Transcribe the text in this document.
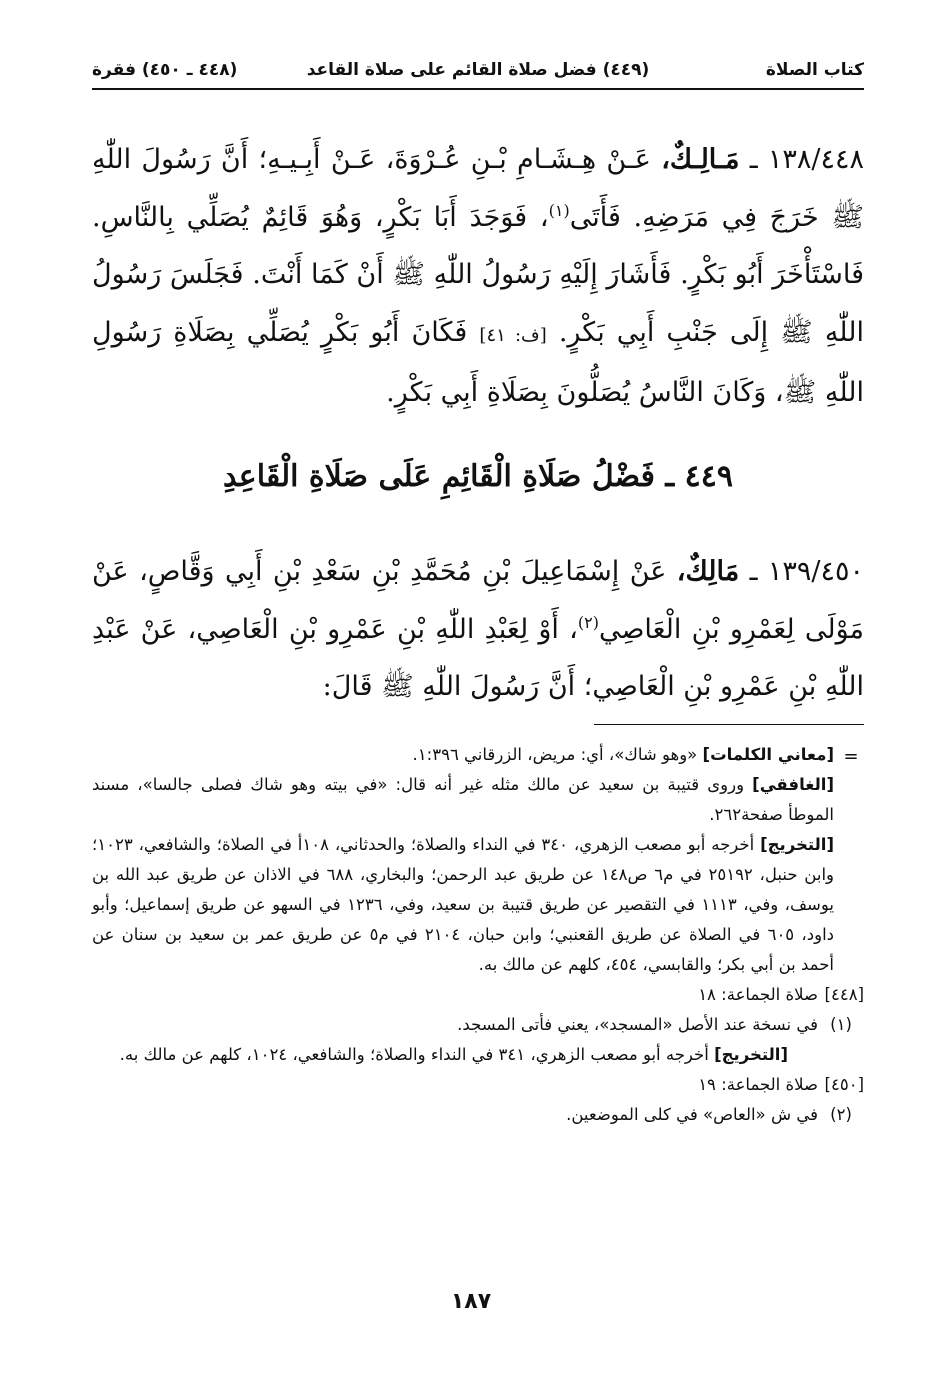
كتاب الصلاة
(٤٤٩) فضل صلاة القائم على صلاة القاعد
(٤٤٨ ـ ٤٥٠) فقرة
١٣٨/٤٤٨ ـ مَـالِـكٌ، عَـنْ هِـشَـامِ بْـنِ عُـرْوَةَ، عَـنْ أَبِـيـهِ؛ أَنَّ رَسُولَ اللّٰهِ ﷺ خَرَجَ فِي مَرَضِهِ. فَأَتَى$^{(١)}$، فَوَجَدَ أَبَا بَكْرٍ، وَهُوَ قَائِمٌ يُصَلِّي بِالنَّاسِ. فَاسْتَأْخَرَ أَبُو بَكْرٍ. فَأَشَارَ إِلَيْهِ رَسُولُ اللّٰهِ ﷺ أَنْ كَمَا أَنْتَ. فَجَلَسَ رَسُولُ اللّٰهِ ﷺ إِلَى جَنْبِ أَبِي بَكْرٍ. [ف: ٤١] فَكَانَ أَبُو بَكْرٍ يُصَلِّي بِصَلَاةِ رَسُولِ اللّٰهِ ﷺ، وَكَانَ النَّاسُ يُصَلُّونَ بِصَلَاةِ أَبِي بَكْرٍ.
٤٤٩ ـ فَضْلُ صَلَاةِ الْقَائِمِ عَلَى صَلَاةِ الْقَاعِدِ
١٣٩/٤٥٠ ـ مَالِكٌ، عَنْ إِسْمَاعِيلَ بْنِ مُحَمَّدِ بْنِ سَعْدِ بْنِ أَبِي وَقَّاصٍ، عَنْ مَوْلَى لِعَمْرِو بْنِ الْعَاصِي$^{(٢)}$، أَوْ لِعَبْدِ اللّٰهِ بْنِ عَمْرِو بْنِ الْعَاصِي، عَنْ عَبْدِ اللّٰهِ بْنِ عَمْرِو بْنِ الْعَاصِي؛ أَنَّ رَسُولَ اللّٰهِ ﷺ قَالَ:
=

[معاني الكلمات] «وهو شاك»، أي: مريض، الزرقاني ١:٣٩٦.

[الغافقي] وروى قتيبة بن سعيد عن مالك مثله غير أنه قال: «في بيته وهو شاك فصلى جالسا»، مسند الموطأ صفحة٢٦٢.

[التخريج] أخرجه أبو مصعب الزهري، ٣٤٠ في النداء والصلاة؛ والحدثاني، ١٠٨أ في الصلاة؛ والشافعي، ١٠٢٣؛ وابن حنبل، ٢٥١٩٢ في م٦ ص١٤٨ عن طريق عبد الرحمن؛ والبخاري، ٦٨٨ في الاذان عن طريق عبد الله بن يوسف، وفي، ١١١٣ في التقصير عن طريق قتيبة بن سعيد، وفي، ١٢٣٦ في السهو عن طريق إسماعيل؛ وأبو داود، ٦٠٥ في الصلاة عن طريق القعنبي؛ وابن حبان، ٢١٠٤ في م٥ عن طريق عمر بن سعيد بن سنان عن أحمد بن أبي بكر؛ والقابسي، ٤٥٤، كلهم عن مالك به.

[٤٤٨]
صلاة الجماعة: ١٨
(١)
في نسخة عند الأصل «المسجد»، يعني فأتى المسجد.

[التخريج] أخرجه أبو مصعب الزهري، ٣٤١ في النداء والصلاة؛ والشافعي، ١٠٢٤، كلهم عن مالك به.

[٤٥٠]
صلاة الجماعة: ١٩
(٢)
في ش «العاص» في كلى الموضعين.
١٨٧
